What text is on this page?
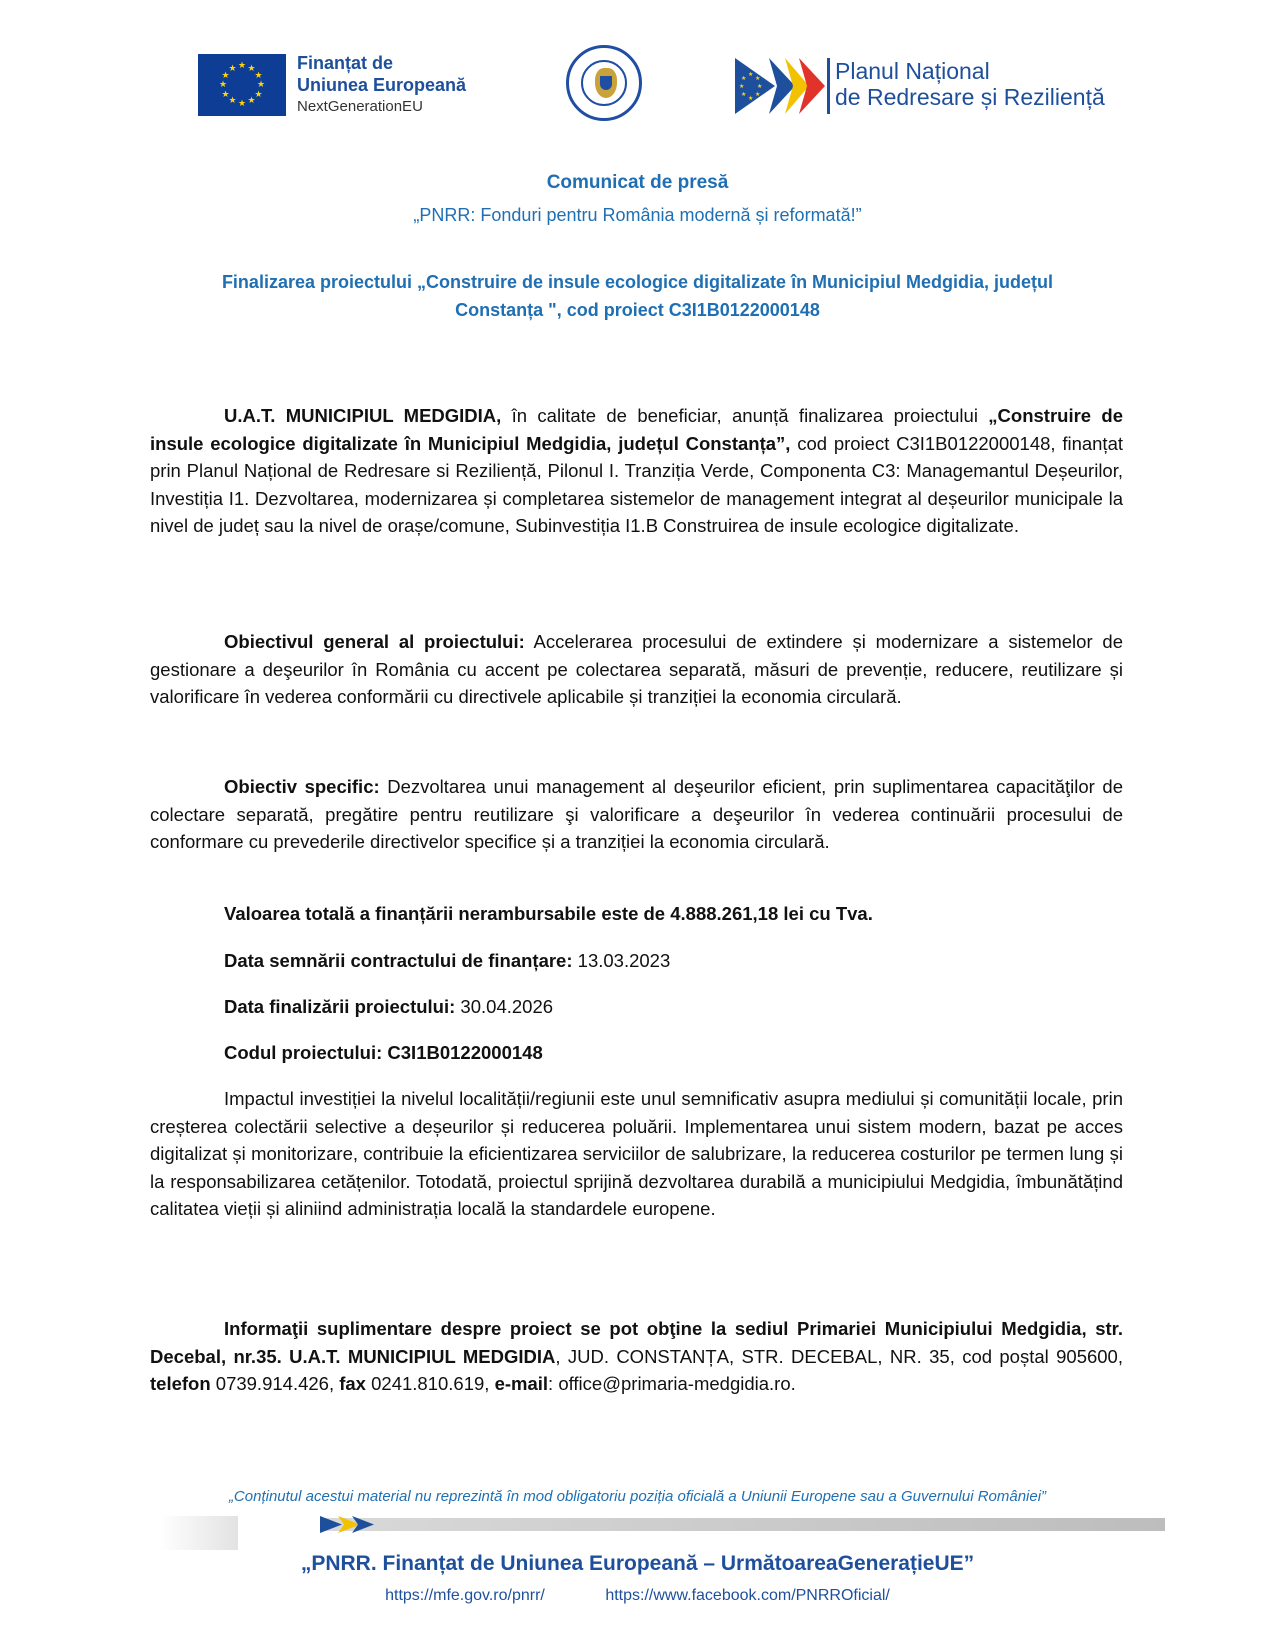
★
★
★
★
★
★
★
★
★ ★ ★
★
Finanțat de
Uniunea Europeană
NextGenerationEU
★
★
★
★ ★
★
★
★
Planul Național
de Redresare și Reziliență
Comunicat de presă
„PNRR: Fonduri pentru România modernă și reformată!”
Finalizarea proiectului „Construire de insule ecologice digitalizate în Municipiul Medgidia, județul
Constanța ", cod proiect C3I1B0122000148
U.A.T. MUNICIPIUL MEDGIDIA, în calitate de beneficiar, anunță finalizarea proiectului „Construire de insule ecologice digitalizate în Municipiul Medgidia, județul Constanța”, cod proiect C3I1B0122000148, finanțat prin Planul Național de Redresare si Reziliență, Pilonul I. Tranziția Verde, Componenta C3: Managemantul Deșeurilor, Investiția I1. Dezvoltarea, modernizarea și completarea sistemelor de management integrat al deșeurilor municipale la nivel de județ sau la nivel de orașe/comune, Subinvestiția I1.B Construirea de insule ecologice digitalizate.
Obiectivul general al proiectului: Accelerarea procesului de extindere și modernizare a sistemelor de gestionare a deşeurilor în România cu accent pe colectarea separată, măsuri de prevenție, reducere, reutilizare și valorificare în vederea conformării cu directivele aplicabile și tranziției la economia circulară.
Obiectiv specific: Dezvoltarea unui management al deşeurilor eficient, prin suplimentarea capacităţilor de colectare separată, pregătire pentru reutilizare şi valorificare a deşeurilor în vederea continuării procesului de conformare cu prevederile directivelor specifice și a tranziției la economia circulară.
Valoarea totală a finanțării nerambursabile este de 4.888.261,18 lei cu Tva.
Data semnării contractului de finanțare: 13.03.2023
Data finalizării proiectului: 30.04.2026
Codul proiectului: C3I1B0122000148
Impactul investiției la nivelul localității/regiunii este unul semnificativ asupra mediului și comunității locale, prin creșterea colectării selective a deșeurilor și reducerea poluării. Implementarea unui sistem modern, bazat pe acces digitalizat și monitorizare, contribuie la eficientizarea serviciilor de salubrizare, la reducerea costurilor pe termen lung și la responsabilizarea cetățenilor. Totodată, proiectul sprijină dezvoltarea durabilă a municipiului Medgidia, îmbunătățind calitatea vieții și aliniind administrația locală la standardele europene.
Informaţii suplimentare despre proiect se pot obţine la sediul Primariei Municipiului Medgidia, str. Decebal, nr.35. U.A.T. MUNICIPIUL MEDGIDIA, JUD. CONSTANȚA, STR. DECEBAL, NR. 35, cod poștal 905600, telefon 0739.914.426, fax 0241.810.619, e-mail: office@primaria-medgidia.ro.
„Conținutul acestui material nu reprezintă în mod obligatoriu poziția oficială a Uniunii Europene sau a Guvernului României”
„PNRR. Finanțat de Uniunea Europeană – UrmătoareaGenerațieUE”
https://mfe.gov.ro/pnrr/	https://www.facebook.com/PNRROficial/
